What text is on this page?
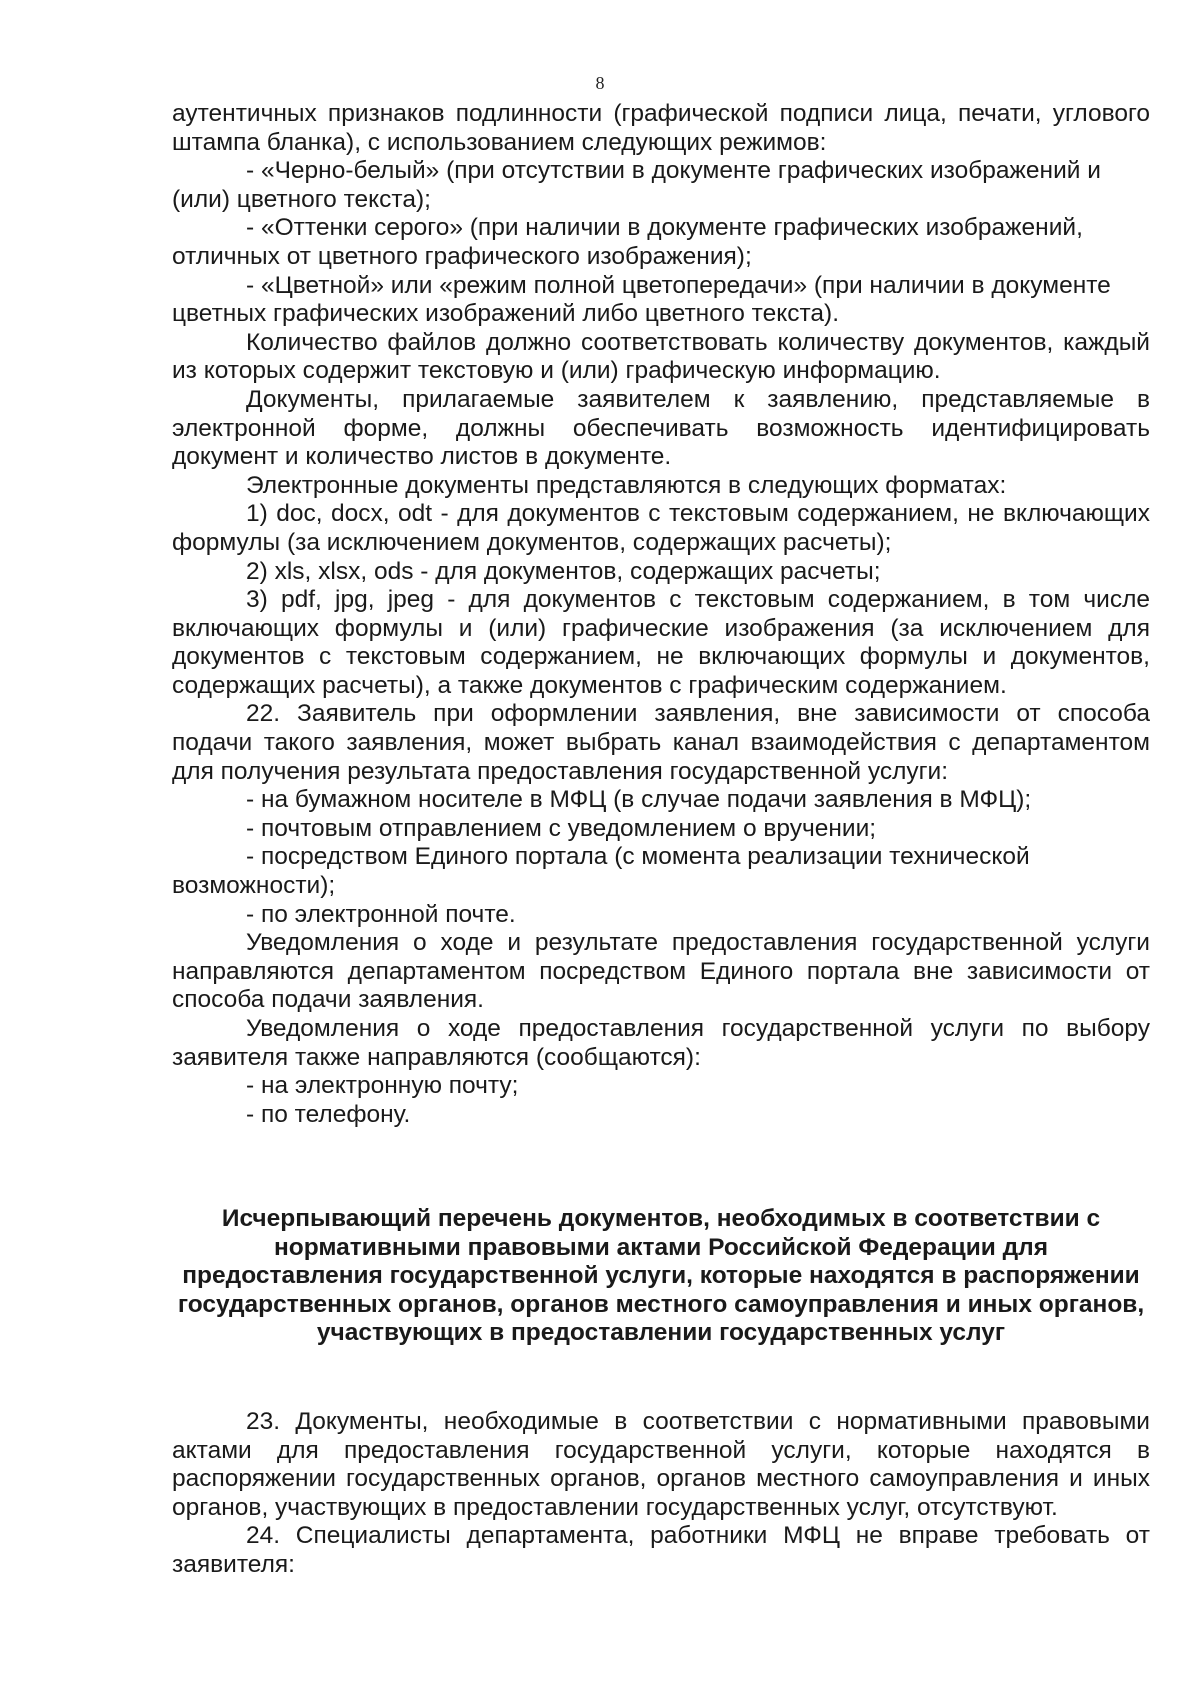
8

аутентичных признаков подлинности (графической подписи лица, печати, углового штампа бланка), с использованием следующих режимов:

- «Черно-белый» (при отсутствии в документе графических изображений и (или) цветного текста);

- «Оттенки серого» (при наличии в документе графических изображений, отличных от цветного графического изображения);

- «Цветной» или «режим полной цветопередачи» (при наличии в документе цветных графических изображений либо цветного текста).

Количество файлов должно соответствовать количеству документов, каждый из которых содержит текстовую и (или) графическую информацию.

Документы, прилагаемые заявителем к заявлению, представляемые в электронной форме, должны обеспечивать возможность идентифицировать документ и количество листов в документе.

Электронные документы представляются в следующих форматах:

1) doc, docx, odt - для документов с текстовым содержанием, не включающих формулы (за исключением документов, содержащих расчеты);

2) xls, xlsx, ods - для документов, содержащих расчеты;

3) pdf, jpg, jpeg - для документов с текстовым содержанием, в том числе включающих формулы и (или) графические изображения (за исключением для документов с текстовым содержанием, не включающих формулы и документов, содержащих расчеты), а также документов с графическим содержанием.

22. Заявитель при оформлении заявления, вне зависимости от способа подачи такого заявления, может выбрать канал взаимодействия с департаментом для получения результата предоставления государственной услуги:

- на бумажном носителе в МФЦ (в случае подачи заявления в МФЦ);

- почтовым отправлением с уведомлением о вручении;

- посредством Единого портала (с момента реализации технической возможности);

- по электронной почте.

Уведомления о ходе и результате предоставления государственной услуги направляются департаментом посредством Единого портала вне зависимости от способа подачи заявления.

Уведомления о ходе предоставления государственной услуги по выбору заявителя также направляются (сообщаются):

- на электронную почту;

- по телефону.

Исчерпывающий перечень документов, необходимых в соответствии с нормативными правовыми актами Российской Федерации для предоставления государственной услуги, которые находятся в распоряжении государственных органов, органов местного самоуправления и иных органов, участвующих в предоставлении государственных услуг

23. Документы, необходимые в соответствии с нормативными правовыми актами для предоставления государственной услуги, которые находятся в распоряжении государственных органов, органов местного самоуправления и иных органов, участвующих в предоставлении государственных услуг, отсутствуют.

24. Специалисты департамента, работники МФЦ не вправе требовать от заявителя:
